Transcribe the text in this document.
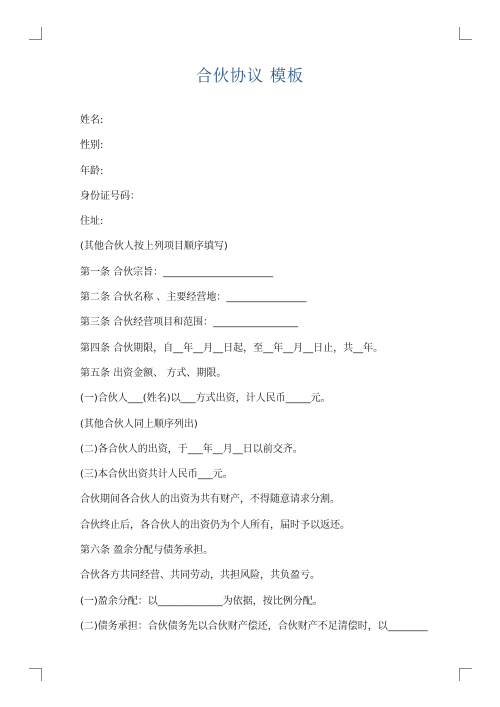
合伙协议 模板

姓名:

性别:

年龄:

身份证号码：

住址:

(其他合伙人按上列项目顺序填写)

第一条 合伙宗旨：______________________

第二条 合伙名称 、主要经营地：________________

第三条 合伙经营项目和范围：_________________

第四条 合伙期限，自__年__月__日起，至__年__月__日止，共__年。

第五条 出资金额、 方式、期限。

(一)合伙人___(姓名)以___方式出资，计人民币_____元。

(其他合伙人同上顺序列出)

(二)各合伙人的出资，于___年__月__日以前交齐。

(三)本合伙出资共计人民币___元。

合伙期间各合伙人的出资为共有财产，不得随意请求分割。

合伙终止后，各合伙人的出资仍为个人所有，届时予以返还。

第六条 盈余分配与债务承担。

合伙各方共同经营、共同劳动，共担风险，共负盈亏。

(一)盈余分配：以_____________为依据，按比例分配。

(二)债务承担：合伙债务先以合伙财产偿还，合伙财产不足清偿时，以________
